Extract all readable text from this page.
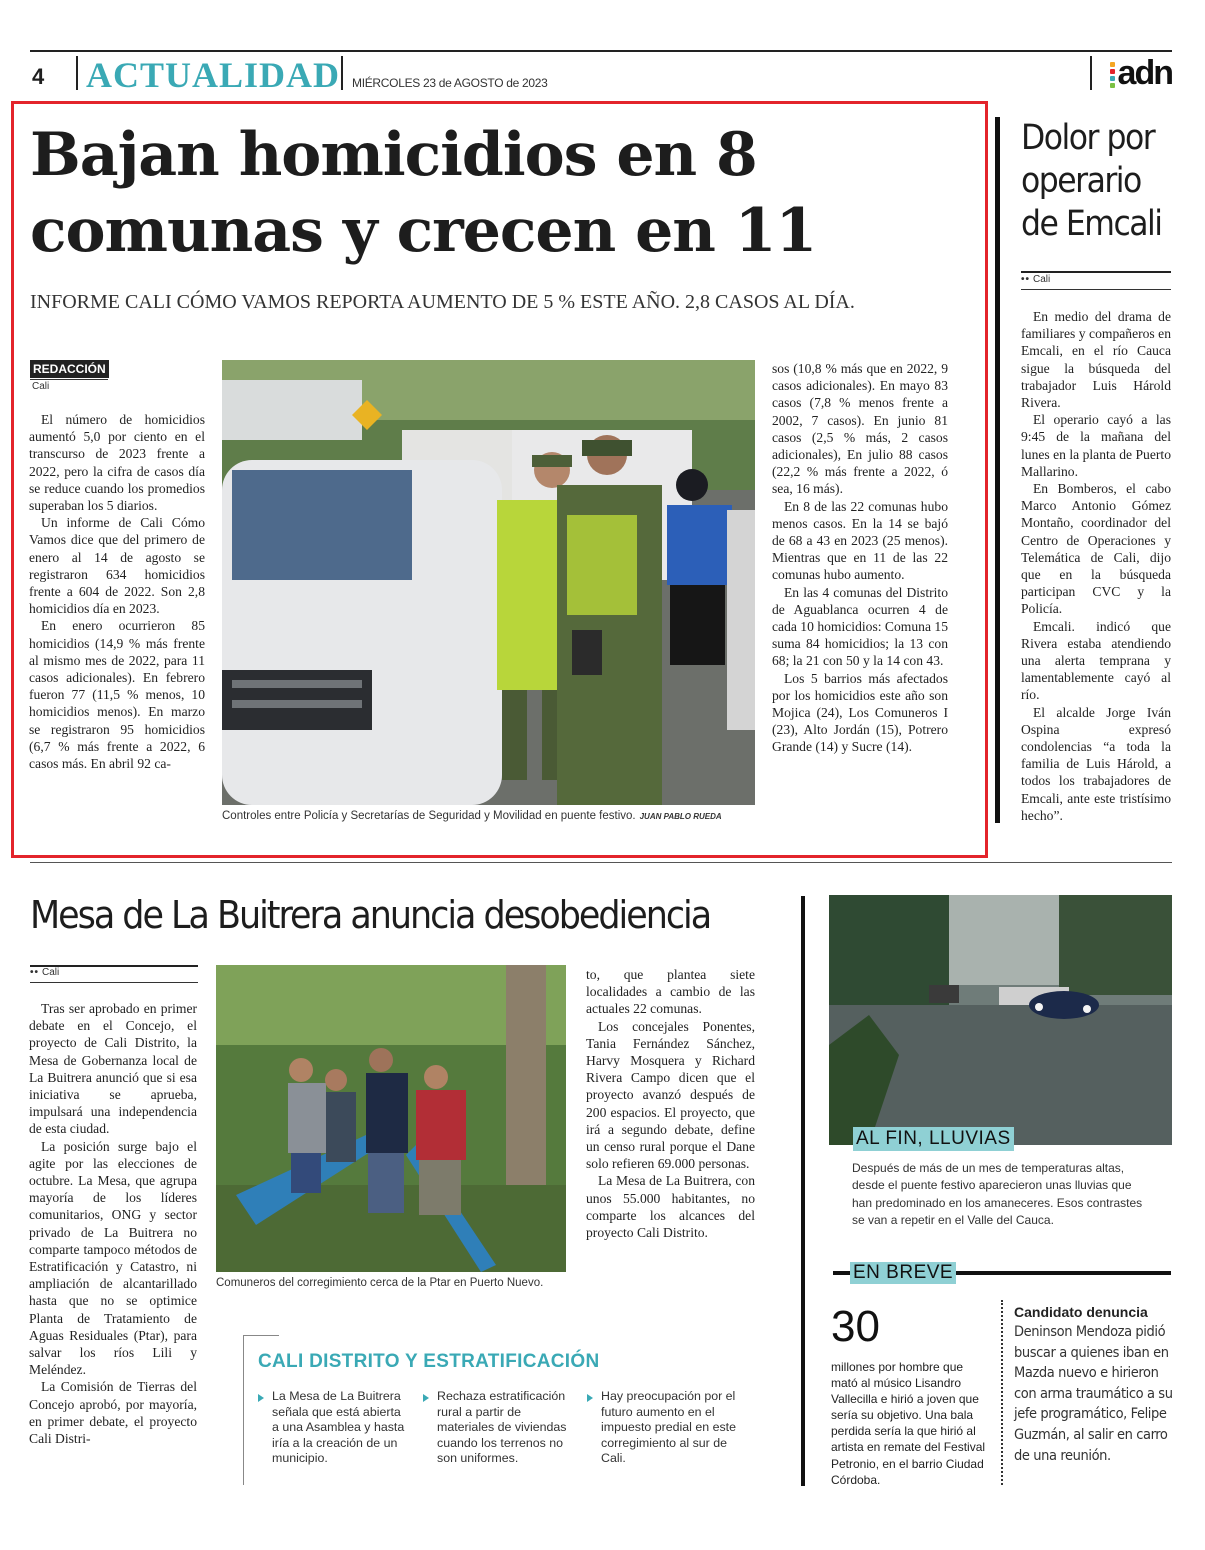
4 ACTUALIDAD MIÉRCOLES 23 de AGOSTO de 2023	adn
Bajan homicidios en 8 comunas y crecen en 11
INFORME CALI CÓMO VAMOS REPORTA AUMENTO DE 5 % ESTE AÑO. 2,8 CASOS AL DÍA.
REDACCIÓN
Cali

El número de homicidios aumentó 5,0 por ciento en el transcurso de 2023 frente a 2022, pero la cifra de casos día se reduce cuando los promedios superaban los 5 diarios.

Un informe de Cali Cómo Vamos dice que del primero de enero al 14 de agosto se registraron 634 homicidios frente a 604 de 2022. Son 2,8 homicidios día en 2023.

En enero ocurrieron 85 homicidios (14,9 % más frente al mismo mes de 2022, para 11 casos adicionales). En febrero fueron 77 (11,5 % menos, 10 homicidios menos). En marzo se registraron 95 homicidios (6,7 % más frente a 2022, 6 casos más. En abril 92 ca-

Controles entre Policía y Secretarías de Seguridad y Movilidad en puente festivo. JUAN PABLO RUEDA

sos (10,8 % más que en 2022, 9 casos adicionales). En mayo 83 casos (7,8 % menos frente a 2002, 7 casos). En junio 81 casos (2,5 % más, 2 casos adicionales), En julio 88 casos (22,2 % más frente a 2022, ó sea, 16 más).

En 8 de las 22 comunas hubo menos casos. En la 14 se bajó de 68 a 43 en 2023 (25 menos). Mientras que en 11 de las 22 comunas hubo aumento.

En las 4 comunas del Distrito de Aguablanca ocurren 4 de cada 10 homicidios: Comuna 15 suma 84 homicidios; la 13 con 68; la 21 con 50 y la 14 con 43.

Los 5 barrios más afectados por los homicidios este año son Mojica (24), Los Comuneros I (23), Alto Jordán (15), Potrero Grande (14) y Sucre (14).

Dolor por operario de Emcali
•• Cali

En medio del drama de familiares y compañeros en Emcali, en el río Cauca sigue la búsqueda del trabajador Luis Hárold Rivera.

El operario cayó a las 9:45 de la mañana del lunes en la planta de Puerto Mallarino.

En Bomberos, el cabo Marco Antonio Gómez Montaño, coordinador del Centro de Operaciones y Telemática de Cali, dijo que en la búsqueda participan CVC y la Policía.

Emcali. indicó que Rivera estaba atendiendo una alerta temprana y lamentablemente cayó al río.

El alcalde Jorge Iván Ospina expresó condolencias “a toda la familia de Luis Hárold, a todos los trabajadores de Emcali, ante este tristísimo hecho”.

Mesa de La Buitrera anuncia desobediencia
•• Cali

Tras ser aprobado en primer debate en el Concejo, el proyecto de Cali Distrito, la Mesa de Gobernanza local de La Buitrera anunció que si esa iniciativa se aprueba, impulsará una independencia de esta ciudad.

La posición surge bajo el agite por las elecciones de octubre. La Mesa, que agrupa mayoría de los líderes comunitarios, ONG y sector privado de La Buitrera no comparte tampoco métodos de Estratificación y Catastro, ni ampliación de alcantarillado hasta que no se optimice Planta de Tratamiento de Aguas Residuales (Ptar), para salvar los ríos Lili y Meléndez.

La Comisión de Tierras del Concejo aprobó, por mayoría, en primer debate, el proyecto Cali Distri-

Comuneros del corregimiento cerca de la Ptar en Puerto Nuevo.

to, que plantea siete localidades a cambio de las actuales 22 comunas.

Los concejales Ponentes, Tania Fernández Sánchez, Harvy Mosquera y Richard Rivera Campo dicen que el proyecto avanzó después de 200 espacios. El proyecto, que irá a segundo debate, define un censo rural porque el Dane solo refieren 69.000 personas.

La Mesa de La Buitrera, con unos 55.000 habitantes, no comparte los alcances del proyecto Cali Distrito.

CALI DISTRITO Y ESTRATIFICACIÓN
La Mesa de La Buitrera señala que está abierta a una Asamblea y hasta iría a la creación de un municipio.
Rechaza estratificación rural a partir de materiales de viviendas cuando los terrenos no son uniformes.
Hay preocupación por el futuro aumento en el impuesto predial en este corregimiento al sur de Cali.
AL FIN, LLUVIAS
Después de más de un mes de temperaturas altas, desde el puente festivo aparecieron unas lluvias que han predominado en los amaneceres. Esos contrastes se van a repetir en el Valle del Cauca.
EN BREVE
30
millones por hombre que mató al músico Lisandro Vallecilla e hirió a joven que sería su objetivo. Una bala perdida sería la que hirió al artista en remate del Festival Petronio, en el barrio Ciudad Córdoba.
Candidato denuncia
Deninson Mendoza pidió buscar a quienes iban en Mazda nuevo e hirieron con arma traumático a su jefe programático, Felipe Guzmán, al salir en carro de una reunión.
